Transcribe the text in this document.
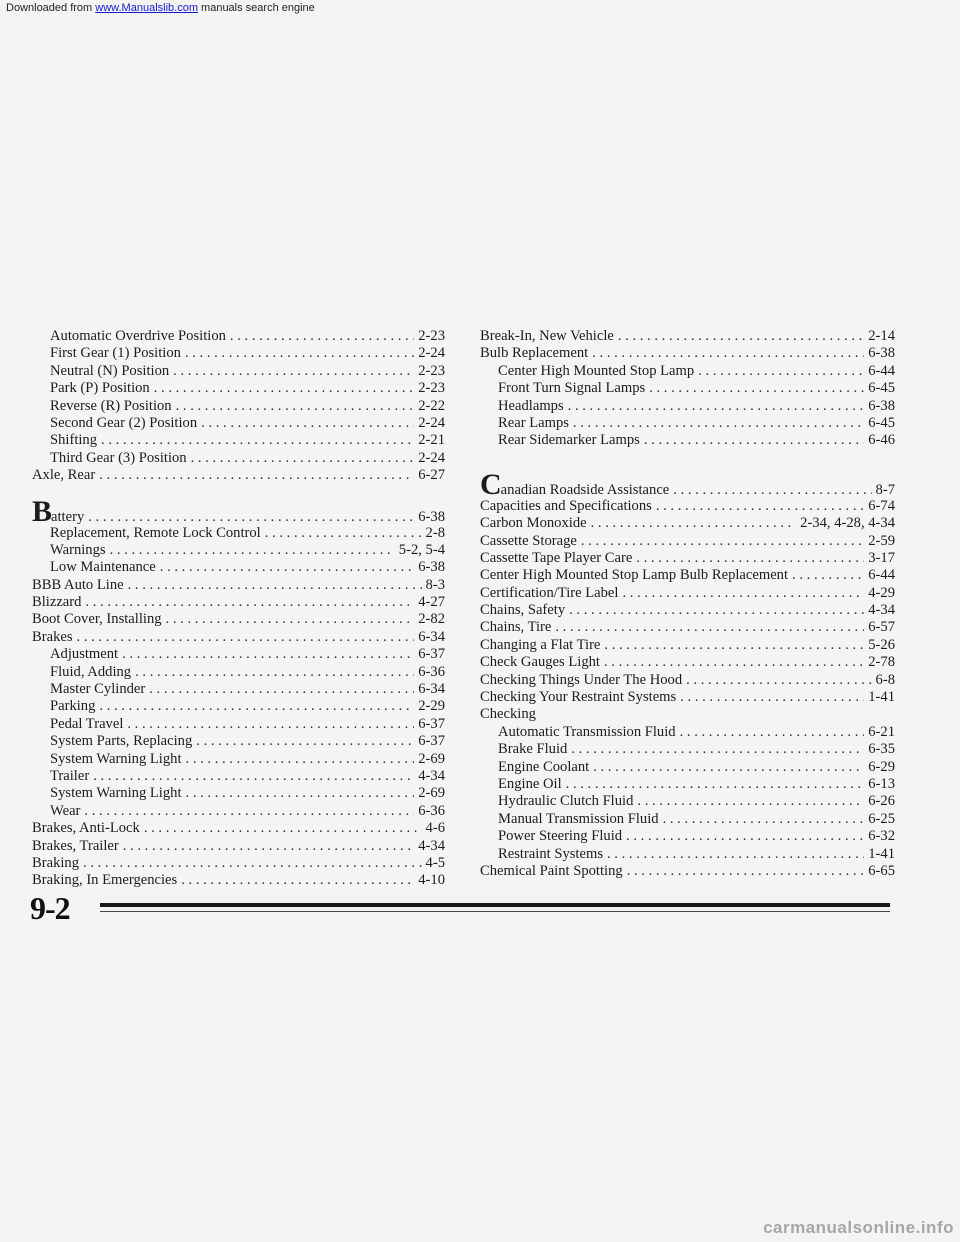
Downloaded from www.Manualslib.com manuals search engine
Automatic Overdrive Position . . .	2-23
First Gear (1) Position . . .	2-24
Neutral (N) Position . . .	2-23
Park (P) Position . . .	2-23
Reverse (R) Position . . .	2-22
Second Gear (2) Position . . .	2-24
Shifting . . .	2-21
Third Gear (3) Position . . .	2-24
Axle, Rear . . .	6-27
Battery . . .	6-38
Replacement, Remote Lock Control . . .	2-8
Warnings . . .	5-2, 5-4
Low Maintenance . . .	6-38
BBB Auto Line . . .	8-3
Blizzard . . .	4-27
Boot Cover, Installing . . .	2-82
Brakes . . .	6-34
Adjustment . . .	6-37
Fluid, Adding . . .	6-36
Master Cylinder . . .	6-34
Parking . . .	2-29
Pedal Travel . . .	6-37
System Parts, Replacing . . .	6-37
System Warning Light . . .	2-69
Trailer . . .	4-34
System Warning Light . . .	2-69
Wear . . .	6-36
Brakes, Anti-Lock . . .	4-6
Brakes, Trailer . . .	4-34
Braking . . .	4-5
Braking, In Emergencies . . .	4-10
Break-In, New Vehicle . . .	2-14
Bulb Replacement . . .	6-38
Center High Mounted Stop Lamp . . .	6-44
Front Turn Signal Lamps . . .	6-45
Headlamps . . .	6-38
Rear Lamps . . .	6-45
Rear Sidemarker Lamps . . .	6-46
Canadian Roadside Assistance . . .	8-7
Capacities and Specifications . . .	6-74
Carbon Monoxide . . .	2-34, 4-28, 4-34
Cassette Storage . . .	2-59
Cassette Tape Player Care . . .	3-17
Center High Mounted Stop Lamp Bulb Replacement . . .	6-44
Certification/Tire Label . . .	4-29
Chains, Safety . . .	4-34
Chains, Tire . . .	6-57
Changing a Flat Tire . . .	5-26
Check Gauges Light . . .	2-78
Checking Things Under The Hood . . .	6-8
Checking Your Restraint Systems . . .	1-41
Checking
Automatic Transmission Fluid . . .	6-21
Brake Fluid . . .	6-35
Engine Coolant . . .	6-29
Engine Oil . . .	6-13
Hydraulic Clutch Fluid . . .	6-26
Manual Transmission Fluid . . .	6-25
Power Steering Fluid . . .	6-32
Restraint Systems . . .	1-41
Chemical Paint Spotting . . .	6-65
9-2
carmanualsonline.info
